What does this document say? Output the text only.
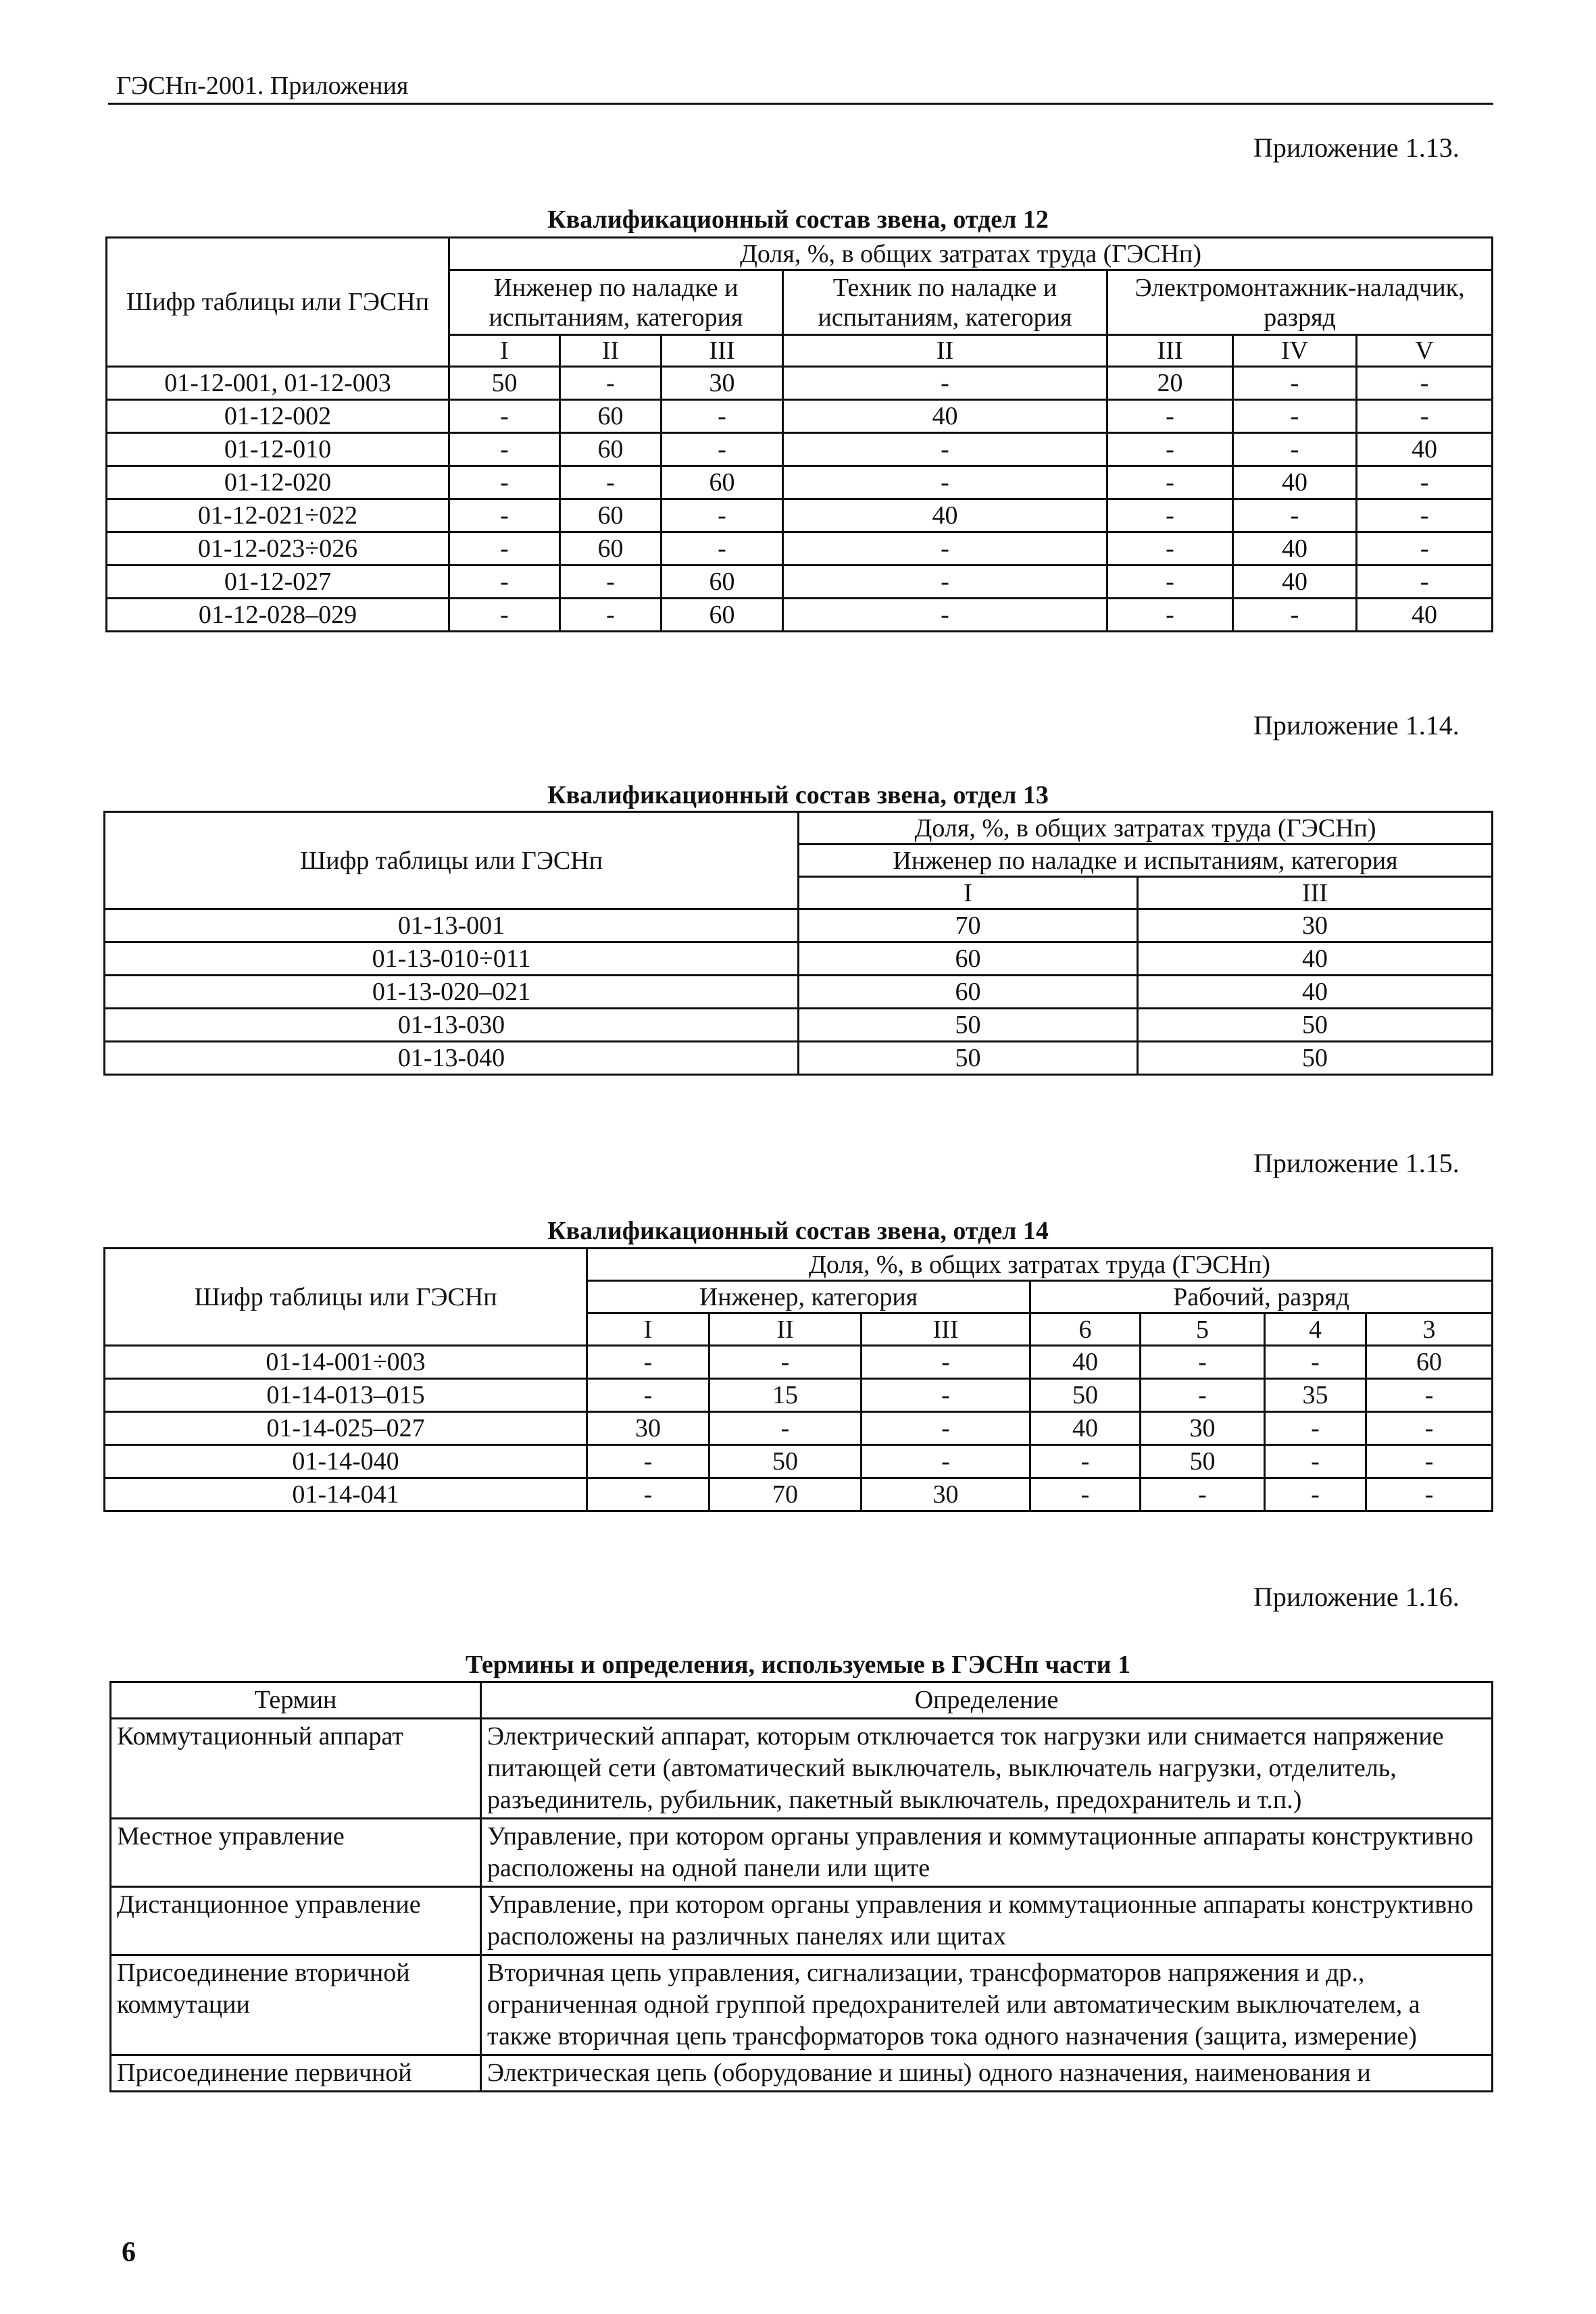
ГЭСНп-2001. Приложения
Приложение 1.13.
Квалификационный состав звена, отдел 12
Шифр таблицы или ГЭСНп	Доля, %, в общих затратах труда (ГЭСНп)						
	Инженер по наладке и испытаниям, категория			Техник по наладке и испытаниям, категория	Электромонтажник-наладчик, разряд		
	I	II	III	II	III	IV	V
01-12-001, 01-12-003	50	-	30	-	20	-	-
01-12-002	-	60	-	40	-	-	-
01-12-010	-	60	-	-	-	-	40
01-12-020	-	-	60	-	-	40	-
01-12-021÷022	-	60	-	40	-	-	-
01-12-023÷026	-	60	-	-	-	40	-
01-12-027	-	-	60	-	-	40	-
01-12-028–029	-	-	60	-	-	-	40
Приложение 1.14.
Квалификационный состав звена, отдел 13
Шифр таблицы или ГЭСНп	Доля, %, в общих затратах труда (ГЭСНп)	
	Инженер по наладке и испытаниям, категория	
	I	III
01-13-001	70	30
01-13-010÷011	60	40
01-13-020–021	60	40
01-13-030	50	50
01-13-040	50	50
Приложение 1.15.
Квалификационный состав звена, отдел 14
Шифр таблицы или ГЭСНп	Доля, %, в общих затратах труда (ГЭСНп)						
	Инженер, категория			Рабочий, разряд			
	I	II	III	6	5	4	3
01-14-001÷003	-	-	-	40	-	-	60
01-14-013–015	-	15	-	50	-	35	-
01-14-025–027	30	-	-	40	30	-	-
01-14-040	-	50	-	-	50	-	-
01-14-041	-	70	30	-	-	-	-
Приложение 1.16.
Термины и определения, используемые в ГЭСНп части 1
Термин	Определение
Коммутационный аппарат	Электрический аппарат, которым отключается ток нагрузки или снимается напряжение питающей сети (автоматический выключатель, выключатель нагрузки, отделитель, разъединитель, рубильник, пакетный выключатель, предохранитель и т.п.)
Местное управление	Управление, при котором органы управления и коммутационные аппараты конструктивно расположены на одной панели или щите
Дистанционное управление	Управление, при котором органы управления и коммутационные аппараты конструктивно расположены на различных панелях или щитах
Присоединение вторичной коммутации	Вторичная цепь управления, сигнализации, трансформаторов напряжения и др., ограниченная одной группой предохранителей или автоматическим выключателем, а также вторичная цепь трансформаторов тока одного назначения (защита, измерение)
Присоединение первичной	Электрическая цепь (оборудование и шины) одного назначения, наименования и
6
